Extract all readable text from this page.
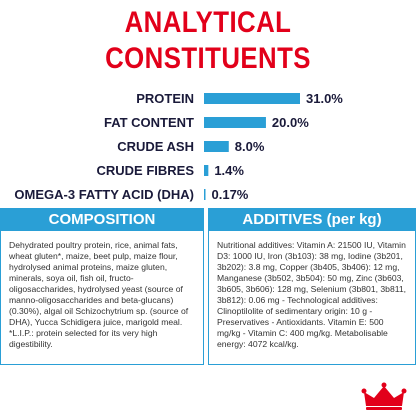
ANALYTICAL
CONSTITUENTS
PROTEIN	31.0%
FAT CONTENT	20.0%
CRUDE ASH	8.0%
CRUDE FIBRES 1.4%
OMEGA-3 FATTY ACID (DHA) 0.17%
COMPOSITION
Dehydrated poultry protein, rice, animal fats, wheat gluten*, maize, beet pulp, maize flour, hydrolysed animal proteins, maize gluten, minerals, soya oil, fish oil, fructo-oligosaccharides, hydrolysed yeast (source of manno-oligosaccharides and beta-glucans) (0.30%), algal oil Schizochytrium sp. (source of DHA), Yucca Schidigera juice, marigold meal. *L.I.P.: protein selected for its very high digestibility.
ADDITIVES (per kg)
Nutritional additives: Vitamin A: 21500 IU, Vitamin D3: 1000 IU, Iron (3b103): 38 mg, Iodine (3b201, 3b202): 3.8 mg, Copper (3b405, 3b406): 12 mg, Manganese (3b502, 3b504): 50 mg, Zinc (3b603, 3b605, 3b606): 128 mg, Selenium (3b801, 3b811, 3b812): 0.06 mg - Technological additives: Clinoptilolite of sedimentary origin: 10 g - Preservatives - Antioxidants. Vitamin E: 500 mg/kg - Vitamin C: 400 mg/kg. Metabolisable energy: 4072 kcal/kg.
